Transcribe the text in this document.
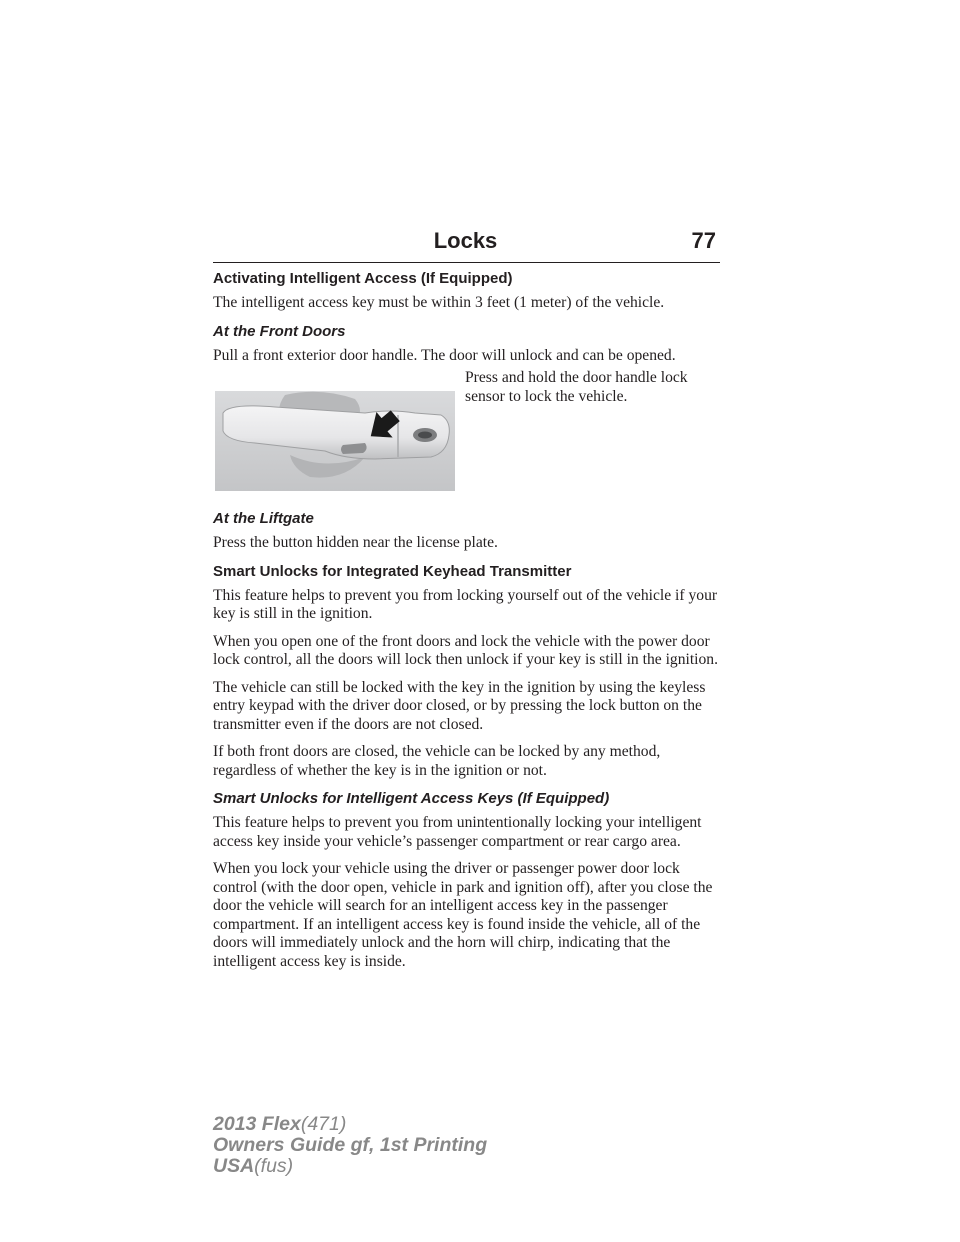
Locks	77
Activating Intelligent Access (If Equipped)

The intelligent access key must be within 3 feet (1 meter) of the vehicle.

At the Front Doors

Pull a front exterior door handle. The door will unlock and can be opened.

Press and hold the door handle lock sensor to lock the vehicle.

At the Liftgate

Press the button hidden near the license plate.

Smart Unlocks for Integrated Keyhead Transmitter

This feature helps to prevent you from locking yourself out of the vehicle if your key is still in the ignition.

When you open one of the front doors and lock the vehicle with the power door lock control, all the doors will lock then unlock if your key is still in the ignition.

The vehicle can still be locked with the key in the ignition by using the keyless entry keypad with the driver door closed, or by pressing the lock button on the transmitter even if the doors are not closed.

If both front doors are closed, the vehicle can be locked by any method, regardless of whether the key is in the ignition or not.

Smart Unlocks for Intelligent Access Keys (If Equipped)

This feature helps to prevent you from unintentionally locking your intelligent access key inside your vehicle’s passenger compartment or rear cargo area.

When you lock your vehicle using the driver or passenger power door lock control (with the door open, vehicle in park and ignition off), after you close the door the vehicle will search for an intelligent access key in the passenger compartment. If an intelligent access key is found inside the vehicle, all of the doors will immediately unlock and the horn will chirp, indicating that the intelligent access key is inside.

2013 Flex(471)
Owners Guide gf, 1st Printing
USA(fus)
